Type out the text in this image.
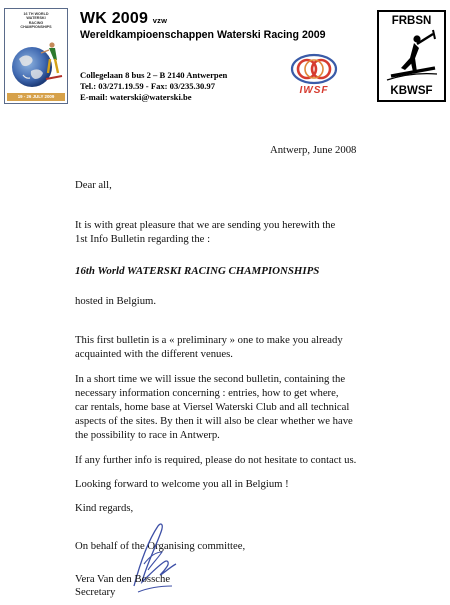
16 TH WORLD
WATERSKI
RACING
CHAMPIONSHIPS
19 - 26 JULY 2009
WK 2009 vzw
Wereldkampioenschappen Waterski Racing 2009
Collegelaan 8 bus 2 – B 2140 Antwerpen
Tel.: 03/271.19.59 - Fax: 03/235.30.97
E-mail: waterski@waterski.be
IWSF
FRBSN
KBWSF
Antwerp, June 2008
Dear all,
It is with great pleasure that we are sending you herewith the
1st Info Bulletin regarding the :
16th World WATERSKI RACING CHAMPIONSHIPS
hosted in Belgium.
This first bulletin is a « preliminary » one to make you already
acquainted with the different venues.
In a short time we will issue the second bulletin, containing the
necessary information concerning : entries, how to get where,
car rentals, home base at Viersel Waterski Club and all technical
aspects of the sites. By then it will also be clear whether we have
the possibility to race in Antwerp.
If any further info is required, please do not hesitate to contact us.
Looking forward to welcome you all in Belgium !
Kind regards,
On behalf of the Organising committee,
Vera Van den Bossche
Secretary
